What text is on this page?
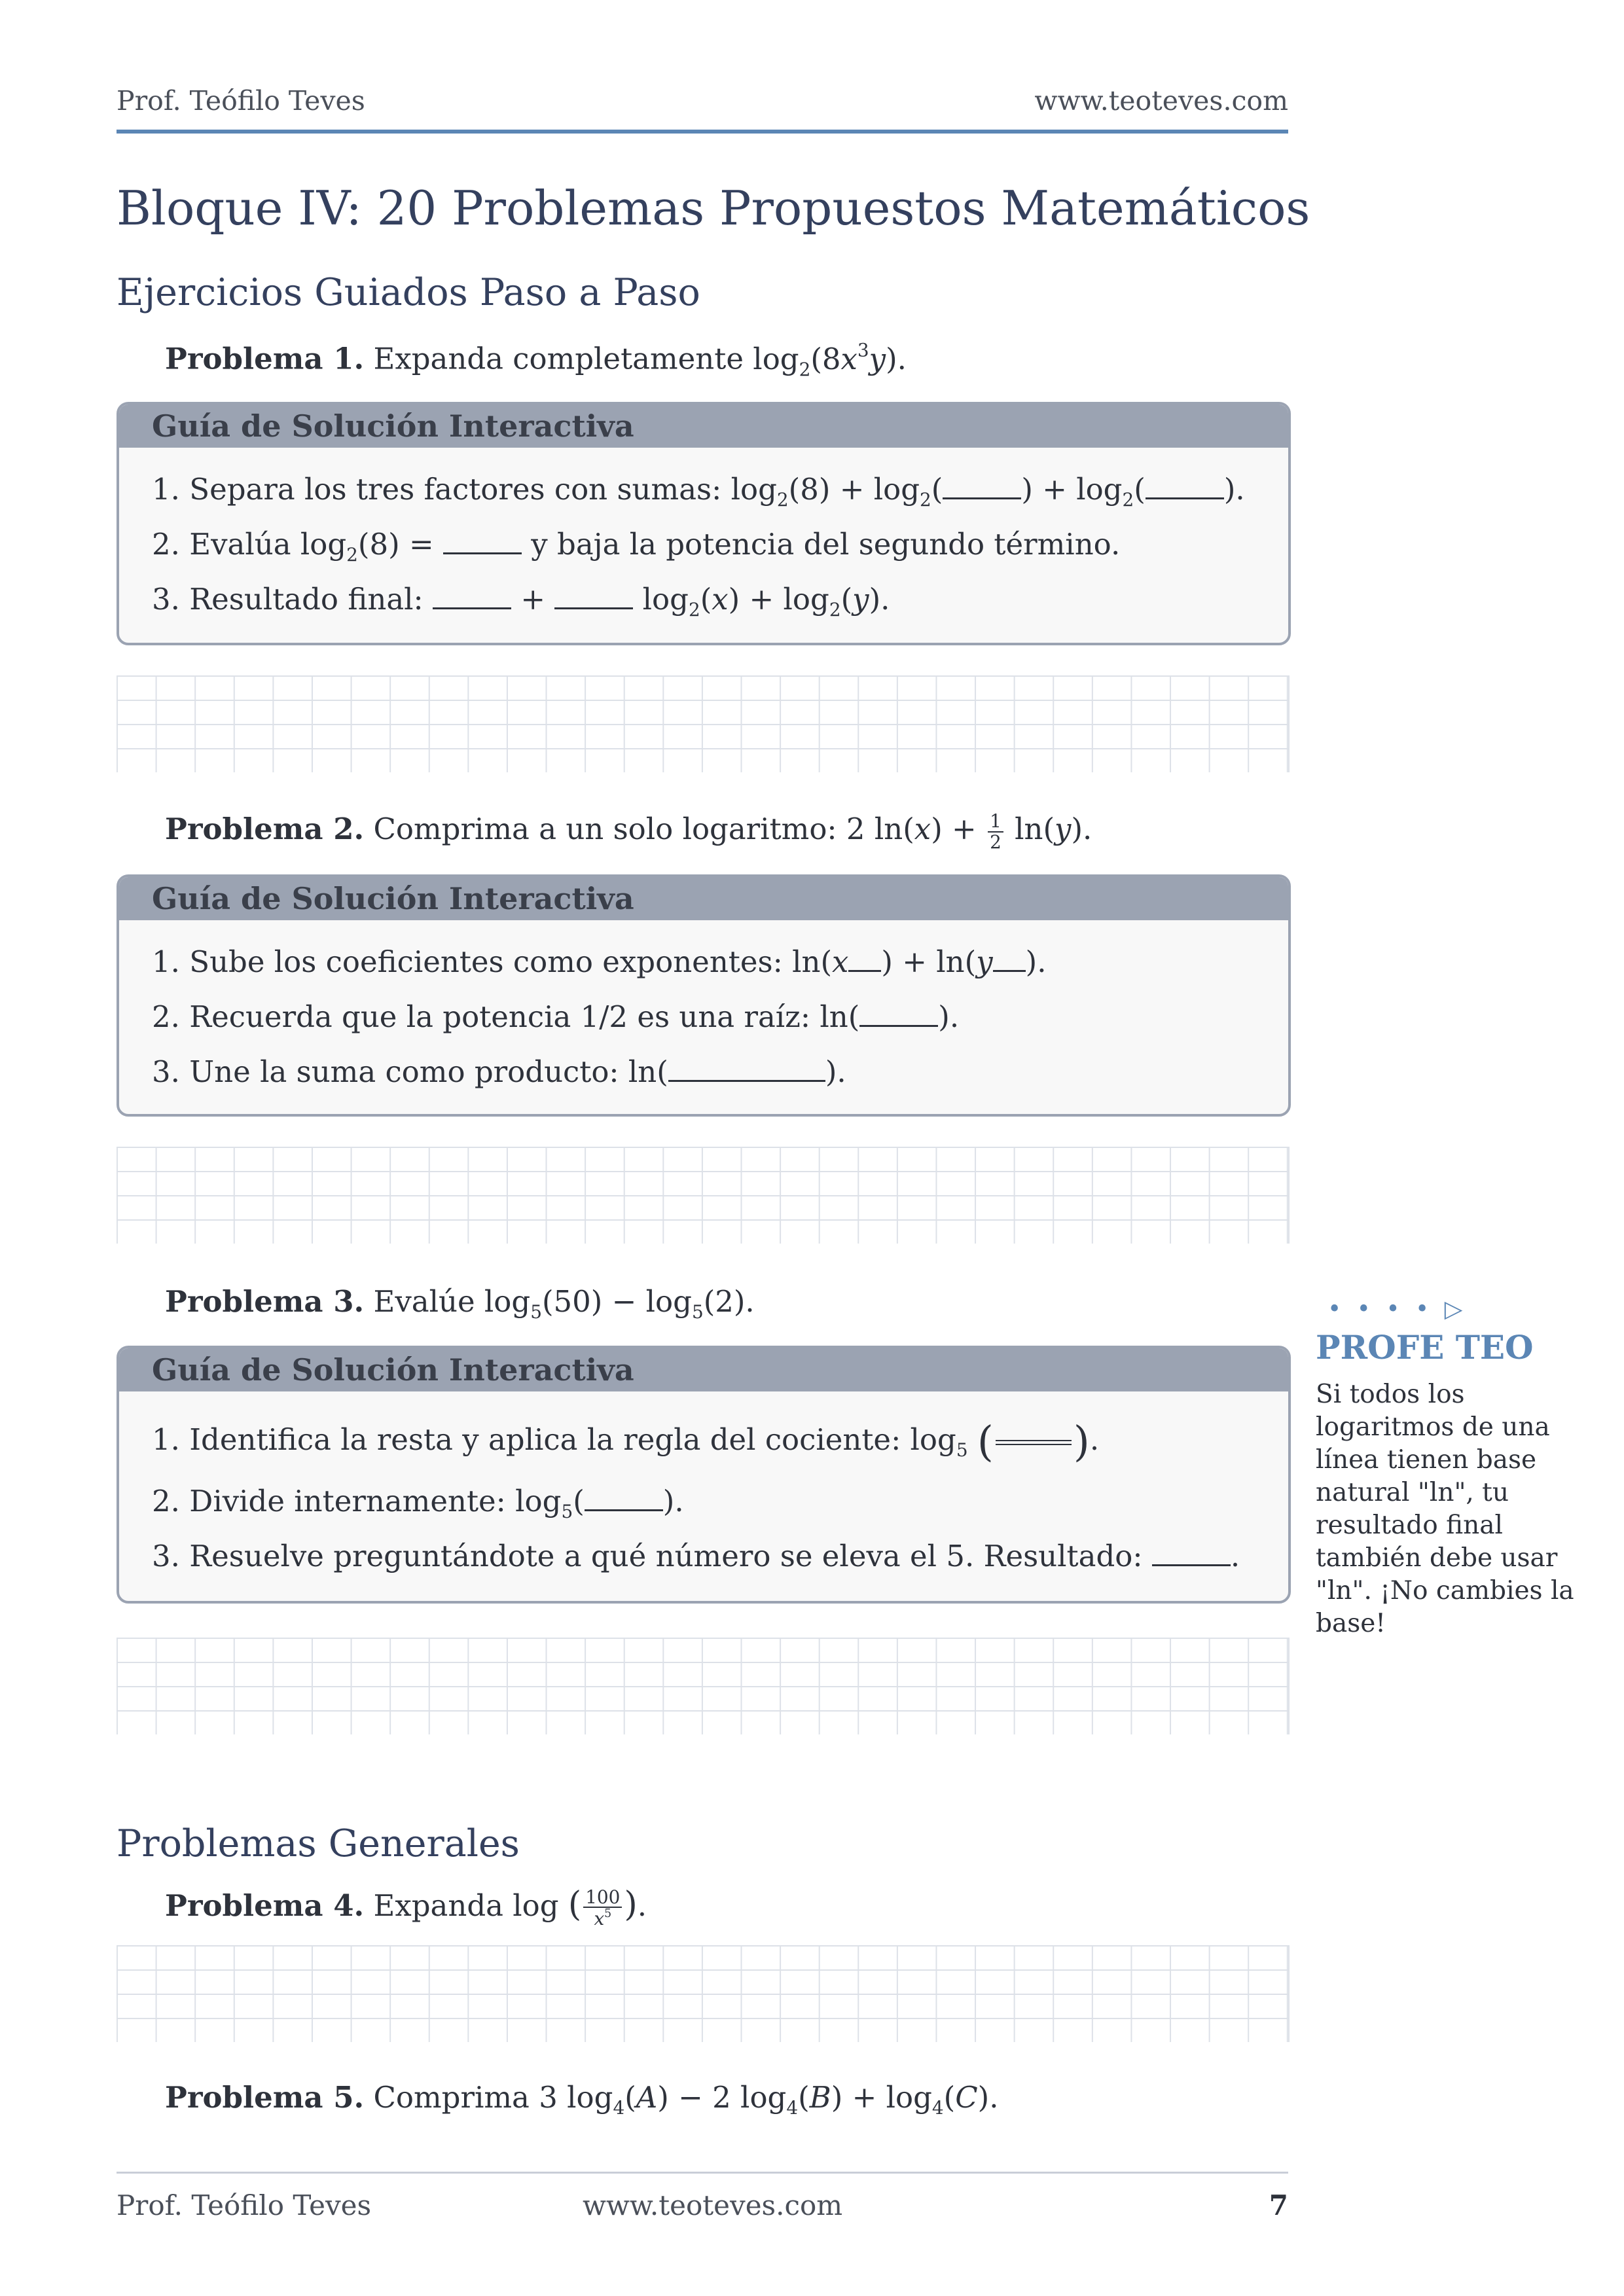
Prof. Teófilo Teves	www.teoteves.com
Bloque IV: 20 Problemas Propuestos Matemáticos
Ejercicios Guiados Paso a Paso
Problema 1. Expanda completamente $\log_2(8x^3y)$.
Guía de Solución Interactiva
1. Separa los tres factores con sumas: $\log_2(8) + \log_2$(	) + $\log_2$(	).
2. Evalúa $\log_2(8)$ =	y baja la potencia del segundo término.
3. Resultado final:	+	$\log_2(x) + \log_2(y)$.
Problema 2. Comprima a un solo logaritmo: 2 $\ln(x) + \frac{1}{2} \ln(y)$.
Guía de Solución Interactiva
1. Sube los coeficientes como exponentes: ln(x ) + ln(y ).
2. Recuerda que la potencia 1/2 es una raíz: ln(	).
3. Une la suma como producto: ln(	).
Problema 3. Evalúe $\log_5(50) - \log_5(2)$.
Guía de Solución Interactiva
1. Identifica la resta y aplica la regla del cociente: $\log_5$ (

).
2. Divide internamente: $\log_5$(	).
3. Resuelve preguntándote a qué número se eleva el 5. Resultado:	.
• • • • ▷
PROFE TEO
Si todos los logaritmos de una línea tienen base natural "ln", tu resultado final también debe usar "ln". ¡No cambies la base!
Problemas Generales
Problema 4. Expanda log ( $\frac{100}{x^5}$ ).
Problema 5. Comprima 3 $\log_4(A) - 2$ $\log_4(B) + \log_4(C)$.
Prof. Teófilo Teves	www.teoteves.com	7
